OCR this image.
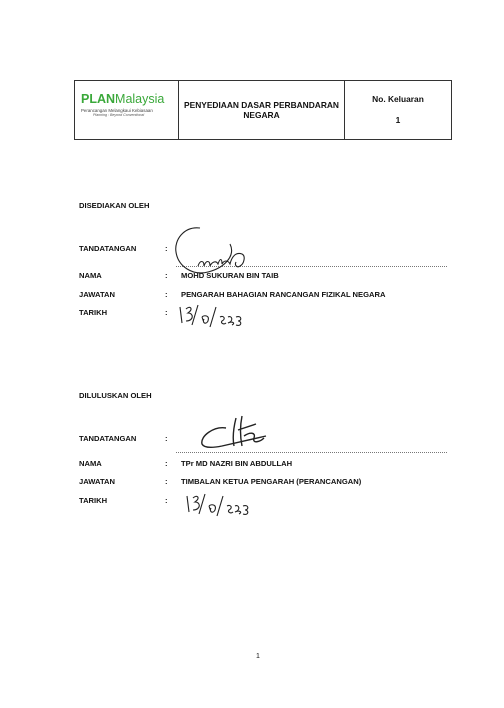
PLANMalaysia
Perancangan Melangkaui Kebiasaan
Planning : Beyond Conventional
PENYEDIAAN DASAR PERBANDARAN NEGARA
No. Keluaran
1
DISEDIAKAN OLEH
TANDATANGAN	:
NAMA	: MOHD SUKURAN BIN TAIB
JAWATAN	: PENGARAH BAHAGIAN RANCANGAN FIZIKAL NEGARA
TARIKH	:
DILULUSKAN OLEH
TANDATANGAN	:
NAMA	: TPr MD NAZRI BIN ABDULLAH
JAWATAN	: TIMBALAN KETUA PENGARAH (PERANCANGAN)
TARIKH	:
1
